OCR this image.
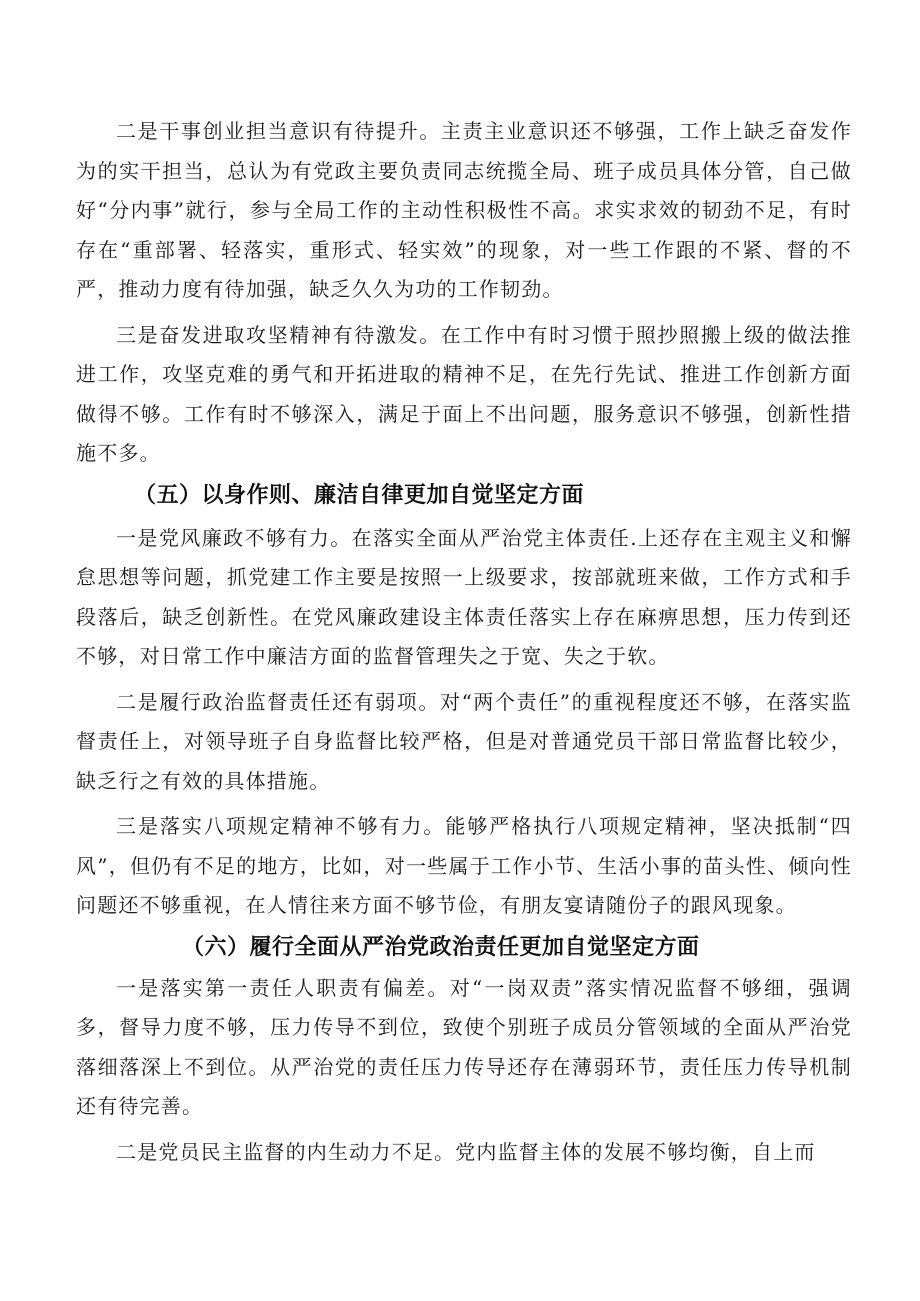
二是干事创业担当意识有待提升。主责主业意识还不够强，工作上缺乏奋发作为的实干担当，总认为有党政主要负责同志统揽全局、班子成员具体分管，自己做好“分内事”就行，参与全局工作的主动性积极性不高。求实求效的韧劲不足，有时存在“重部署、轻落实，重形式、轻实效”的现象，对一些工作跟的不紧、督的不严，推动力度有待加强，缺乏久久为功的工作韧劲。

三是奋发进取攻坚精神有待激发。在工作中有时习惯于照抄照搬上级的做法推进工作，攻坚克难的勇气和开拓进取的精神不足，在先行先试、推进工作创新方面做得不够。工作有时不够深入，满足于面上不出问题，服务意识不够强，创新性措施不多。

（五）以身作则、廉洁自律更加自觉坚定方面

一是党风廉政不够有力。在落实全面从严治党主体责任.上还存在主观主义和懈怠思想等问题，抓党建工作主要是按照一上级要求，按部就班来做，工作方式和手段落后，缺乏创新性。在党风廉政建设主体责任落实上存在麻痹思想，压力传到还不够，对日常工作中廉洁方面的监督管理失之于宽、失之于软。

二是履行政治监督责任还有弱项。对“两个责任”的重视程度还不够，在落实监督责任上，对领导班子自身监督比较严格，但是对普通党员干部日常监督比较少，缺乏行之有效的具体措施。

三是落实八项规定精神不够有力。能够严格执行八项规定精神，坚决抵制“四风”，但仍有不足的地方，比如，对一些属于工作小节、生活小事的苗头性、倾向性问题还不够重视，在人情往来方面不够节俭，有朋友宴请随份子的跟风现象。

（六）履行全面从严治党政治责任更加自觉坚定方面

一是落实第一责任人职责有偏差。对“一岗双责”落实情况监督不够细，强调多，督导力度不够，压力传导不到位，致使个别班子成员分管领域的全面从严治党落细落深上不到位。从严治党的责任压力传导还存在薄弱环节，责任压力传导机制还有待完善。

二是党员民主监督的内生动力不足。党内监督主体的发展不够均衡，自上而
